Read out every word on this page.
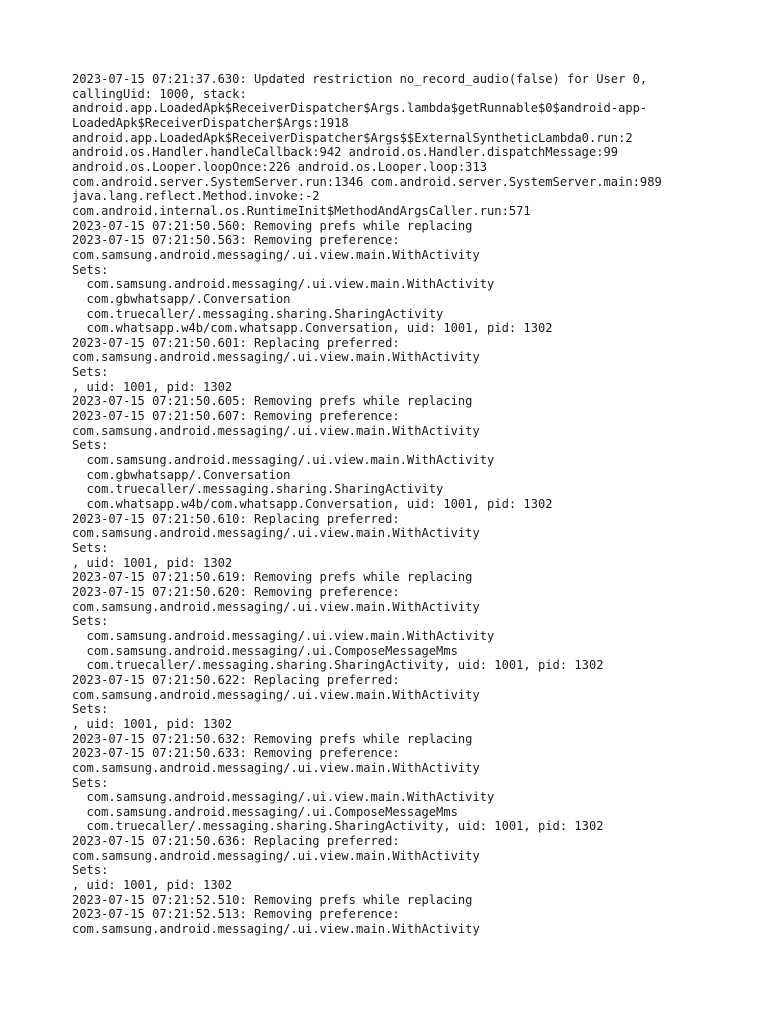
2023-07-15 07:21:37.630: Updated restriction no_record_audio(false) for User 0,
callingUid: 1000, stack:
android.app.LoadedApk$ReceiverDispatcher$Args.lambda$getRunnable$0$android-app-
LoadedApk$ReceiverDispatcher$Args:1918
android.app.LoadedApk$ReceiverDispatcher$Args$$ExternalSyntheticLambda0.run:2
android.os.Handler.handleCallback:942 android.os.Handler.dispatchMessage:99
android.os.Looper.loopOnce:226 android.os.Looper.loop:313
com.android.server.SystemServer.run:1346 com.android.server.SystemServer.main:989
java.lang.reflect.Method.invoke:-2
com.android.internal.os.RuntimeInit$MethodAndArgsCaller.run:571
2023-07-15 07:21:50.560: Removing prefs while replacing
2023-07-15 07:21:50.563: Removing preference:
com.samsung.android.messaging/.ui.view.main.WithActivity
Sets:
com.samsung.android.messaging/.ui.view.main.WithActivity
com.gbwhatsapp/.Conversation
com.truecaller/.messaging.sharing.SharingActivity
com.whatsapp.w4b/com.whatsapp.Conversation, uid: 1001, pid: 1302
2023-07-15 07:21:50.601: Replacing preferred:
com.samsung.android.messaging/.ui.view.main.WithActivity
Sets:
, uid: 1001, pid: 1302
2023-07-15 07:21:50.605: Removing prefs while replacing
2023-07-15 07:21:50.607: Removing preference:
com.samsung.android.messaging/.ui.view.main.WithActivity
Sets:
com.samsung.android.messaging/.ui.view.main.WithActivity
com.gbwhatsapp/.Conversation
com.truecaller/.messaging.sharing.SharingActivity
com.whatsapp.w4b/com.whatsapp.Conversation, uid: 1001, pid: 1302
2023-07-15 07:21:50.610: Replacing preferred:
com.samsung.android.messaging/.ui.view.main.WithActivity
Sets:
, uid: 1001, pid: 1302
2023-07-15 07:21:50.619: Removing prefs while replacing
2023-07-15 07:21:50.620: Removing preference:
com.samsung.android.messaging/.ui.view.main.WithActivity
Sets:
com.samsung.android.messaging/.ui.view.main.WithActivity
com.samsung.android.messaging/.ui.ComposeMessageMms
com.truecaller/.messaging.sharing.SharingActivity, uid: 1001, pid: 1302
2023-07-15 07:21:50.622: Replacing preferred:
com.samsung.android.messaging/.ui.view.main.WithActivity
Sets:
, uid: 1001, pid: 1302
2023-07-15 07:21:50.632: Removing prefs while replacing
2023-07-15 07:21:50.633: Removing preference:
com.samsung.android.messaging/.ui.view.main.WithActivity
Sets:
com.samsung.android.messaging/.ui.view.main.WithActivity
com.samsung.android.messaging/.ui.ComposeMessageMms
com.truecaller/.messaging.sharing.SharingActivity, uid: 1001, pid: 1302
2023-07-15 07:21:50.636: Replacing preferred:
com.samsung.android.messaging/.ui.view.main.WithActivity
Sets:
, uid: 1001, pid: 1302
2023-07-15 07:21:52.510: Removing prefs while replacing
2023-07-15 07:21:52.513: Removing preference:
com.samsung.android.messaging/.ui.view.main.WithActivity
